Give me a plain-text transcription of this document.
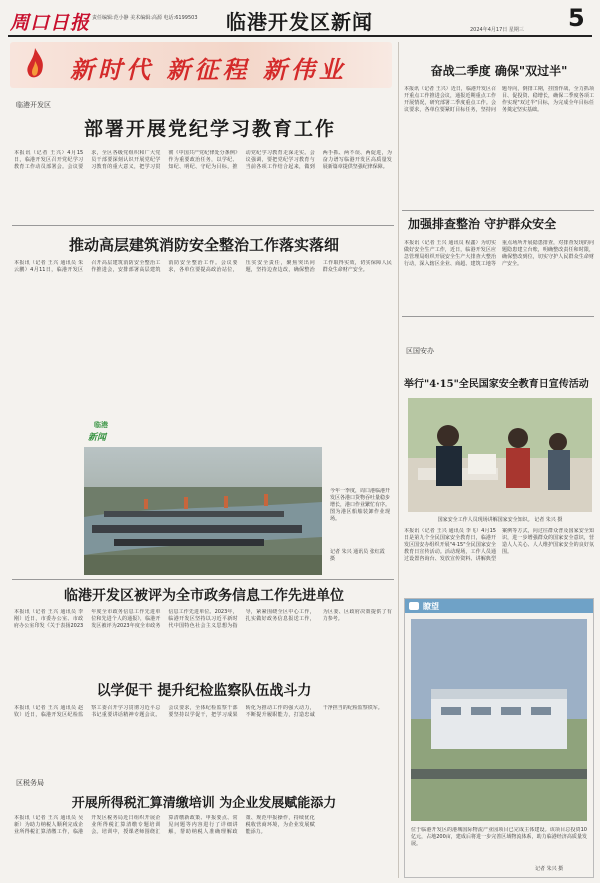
周口日报 责任编辑:范小静 美术编辑:高源 电话:6199503 临港开发区新闻	2024年4月17日 星期三 5
新时代 新征程 新伟业
临港开发区
部署开展党纪学习教育工作
本报讯（记者 王兴）4月15日，临港开发区召开党纪学习教育工作动员部署会。会议要求，全区各级党组织和广大党员干部要深刻认识开展党纪学习教育的重大意义，把学习贯彻《中国共产党纪律处分条例》作为重要政治任务，以学纪、知纪、明纪、守纪为目标，推动党纪学习教育走深走实。会议强调，要把党纪学习教育与当前各项工作结合起来，做到两手抓、两不误、两促进，为奋力谱写临港开发区高质量发展新篇章提供坚强纪律保障。
推动高层建筑消防安全整治工作落实落细
本报讯（记者 王兴 通讯员 朱云鹏）4月11日，临港开发区召开高层建筑消防安全整治工作推进会，安排部署高层建筑消防安全整治工作。会议要求，各单位要提高政治站位，压实安全责任，聚焦突出问题，坚持边查边改，确保整治工作取得实效，切实保障人民群众生命财产安全。
临港
新闻
今年一季度，周口港临港开发区各港口货物吞吐量稳步增长，港口作业繁忙有序。图为港区船舶装卸作业现场。
记者 朱兴 通讯员 张红霞 摄
临港开发区被评为全市政务信息工作先进单位
本报讯（记者 王兴 通讯员 李刚）近日，市委办公室、市政府办公室印发《关于表扬2023年度全市政务信息工作先进单位和先进个人的通报》，临港开发区被评为2023年度全市政务信息工作先进单位。2023年，临港开发区坚持以习近平新时代中国特色社会主义思想为指导，紧紧围绕全区中心工作，扎实做好政务信息报送工作，为区委、区政府决策提供了有力参考。
以学促干 提升纪检监察队伍战斗力
本报讯（记者 王兴 通讯员 赵钦）近日，临港开发区纪检监察工委召开学习贯彻习近平总书记重要讲话精神专题会议。会议要求，全体纪检监察干部要坚持以学促干，把学习成果转化为推动工作的强大动力，不断提升履职能力，打造忠诚干净担当的纪检监察铁军。
区税务局
开展所得税汇算清缴培训 为企业发展赋能添力
本报讯（记者 王兴 通讯员 吴新）为助力纳税人顺利完成企业所得税汇算清缴工作，临港开发区税务局近日组织开展企业所得税汇算清缴专题培训会。培训中，授课老师围绕汇算清缴新政策、申报要点、常见问题等内容进行了详细讲解，帮助纳税人准确理解政策、规范申报操作，持续优化税收营商环境，为企业发展赋能添力。
奋战二季度 确保"双过半"
本报讯（记者 王兴）近日，临港开发区召开重点工作推进会议，通报近期重点工作开展情况，研究部署二季度重点工作。会议要求，各单位要紧盯目标任务，坚持问题导向，倒排工期，挂图作战，全力抓项目、促投资、稳增长，确保二季度各项工作实现"双过半"目标，为完成全年目标任务奠定坚实基础。
加强排查整治 守护群众安全
本报讯（记者 王兴 通讯员 程鑫）为切实做好安全生产工作，近日，临港开发区应急管理局组织开展安全生产大排查大整治行动，深入辖区企业、商超、建筑工地等重点场所开展隐患排查，对排查发现的问题隐患建立台账，明确整改责任和时限，确保整改到位，切实守护人民群众生命财产安全。
区国安办
举行"4·15"全民国家安全教育日宣传活动
国家安全工作人员现场讲解国家安全知识。 记者 朱兴 摄
本报讯（记者 王兴 通讯员 李飞）4月15日是第九个全民国家安全教育日，临港开发区国安办组织开展"4·15"全民国家安全教育日宣传活动。活动现场，工作人员通过设置咨询台、发放宣传资料、讲解典型案例等方式，向过往群众普及国家安全知识，进一步增强群众的国家安全意识，营造人人关心、人人维护国家安全的良好氛围。
瞭望
位于临港开发区的港城国际物流产业园项目已完成主体建设。该项目总投资10亿元，占地200亩，建成后将进一步完善区域物流体系，助力临港经济高质量发展。
记者 朱兴 摄
